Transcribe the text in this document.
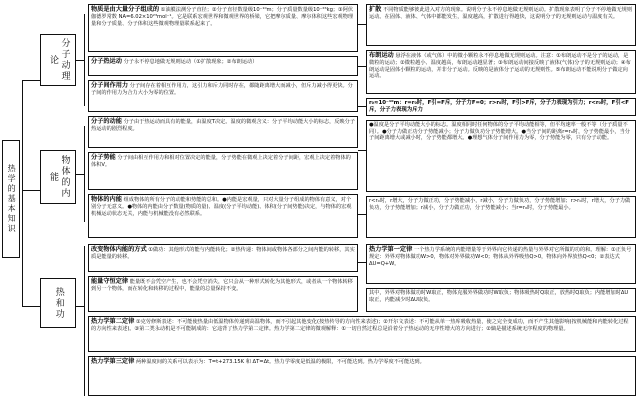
热学的基本知识
分子动理论
物体的内能
热和功
物质是由大量分子组成的 ①油膜法测分子直径；②分子直径数量级10⁻¹⁰m；分子质量数量级10⁻²⁶kg；③阿伏伽德罗常数 NA=6.02×10²³mol⁻¹。它是联系宏观世界和微观世界的桥梁，它把摩尔质量、摩尔体积这些宏观物理量和分子质量、分子体积这些微观物理量联系起来了。
分子热运动 分子永不停息地做无规则运动（①扩散现象；②布朗运动）
分子间作用力 分子间存在着相互作用力，这引力和斥力同时存在，都随距离增大而减小，但斥力减小得更快。分子间的作用力为合力大小为零的位置。
分子的动能 分子由于热运动而具有的能量，由温度T决定。温度的微观含义：分子平均动能大小的标志，反映分子热运动的剧烈程度。
分子势能 分子间由相互作用力和相对位置决定的能量，分子势能在微观上决定着分子间距，宏观上决定着物体的体积V。
物体的内能 组成物体的所有分子的动能和势能的总和。●内能是宏观量，只对大量分子组成的物体有意义，对个别分子无意义。●物体的内能由分子数量(物质的量)、温度(分子平均动能)、体积(分子间势能)决定，与物体的宏观机械运动状态无关，内能与机械能没有必然联系。
改变物体内能的方式 ①做功：其他形式的能与内能转化；②热传递：物体间或物体各部分之间内能的转移，其实质是能量的转移。
能量守恒定律 能量既不会凭空产生，也不会凭空消失，它只会从一种形式转化为其他形式，或者从一个物体转移到另一个物体，而在转化和转移的过程中，能量的总量保持不变。
热力学第二定律 ①克劳修斯表述：不可能使热量由低温物体传递到高温物体，而不引起其他变化(按热传导的方向性来表述)；②开尔文表述：不可能从单一热库吸收热量，使之完全变成功，而不产生其他影响(按机械能和内能转化过程的方向性来表述)。③第二类永动机是不可能制成的：它违背了热力学第二定律。热力学第二定律的微观解释：①一切自然过程总是沿着分子热运动的无序性增大的方向进行；②熵是描述系统无序程度的物理量。
热力学第三定律 两种温度间的关系可以表示为：T=t+273.15K 和 ΔT=Δt。热力学零度是低温的极限，不可能达到。热力学零度不可能达到。
扩散 不同物质能够彼此进入对方的现象。说明分子永不停息地做无规则运动。扩散现象表明了分子不停地做无规则运动。在固体、液体、气体中都能发生，温度越高，扩散进行得越快，这说明分子的无规则运动与温度有关。
布朗运动 悬浮在液体（或气体）中的微小颗粒永不停息地做无规则运动。注意：①布朗运动不是分子的运动，是微粒的运动；②微粒越小、温度越高，布朗运动越显著；③布朗运动间接反映了液体(气体)分子的无规则运动；④布朗运动是固体小颗粒的运动，并非分子运动。反映的是液体分子运动的无规则性。⑤布朗运动不能说明分子做定向运动。
r₀≈10⁻¹⁰m：r=r₀时，F引=F斥，分子力F=0；r>r₀时，F引>F斥，分子力表现为引力；r<r₀时，F引<F斥，分子力表现为斥力
●温度是分子平均动能大小的标志。温度相同时任何物体的分子平均动能相等，但平均速率一般不等（分子质量不同）。●分子力做正功分子势能减小；分子力做负功分子势能增大。●当分子间的距离r=r₀时，分子势能最小，当分子间距离增大或减小时，分子势能都增大。●理想气体分子间作用力为零，分子势能为零，只有分子动能。
r<r₀时，r增大，分子力做正功，分子势能减小，r减小，分子力做负功，分子势能增加；r>r₀时，r增大，分子力做负功，分子势能增加；r减小，分子力做正功，分子势能减小；当r=r₀时，分子势能最小。
热力学第一定律 一个热力学系统的内能增量等于外界向它传递的热量与外界对它所做的功的和。理解：①正负号规定：外界对物体做功W>0，物体对外界做功W<0；物体从外界吸热Q>0，物体向外界放热Q<0；②表达式 ΔU=Q+W。
其中，外界对物体做功时W取正，物体克服外界做功时W取负；物体吸热时Q取正，放热时Q取负；内能增加时ΔU取正，内能减少时ΔU取负。
